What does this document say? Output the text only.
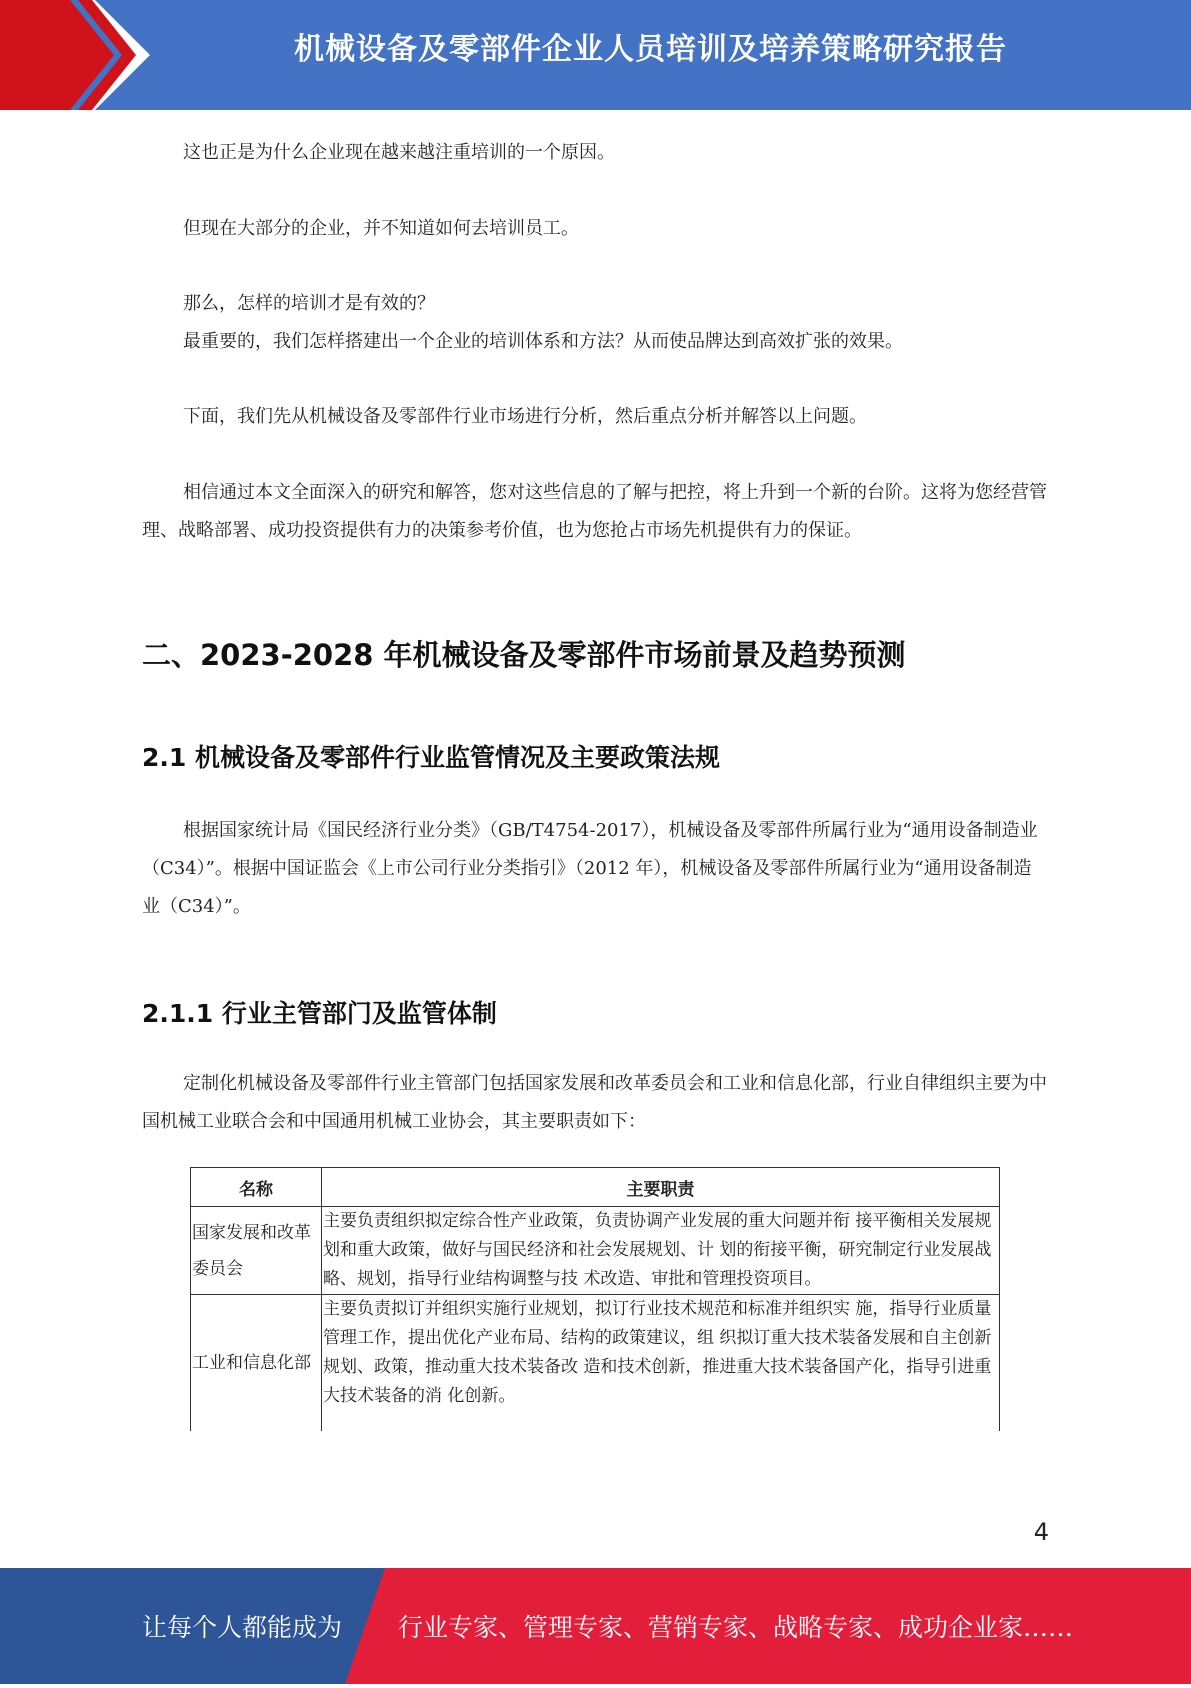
机械设备及零部件企业人员培训及培养策略研究报告

这也正是为什么企业现在越来越注重培训的一个原因。

但现在大部分的企业，并不知道如何去培训员工。

那么，怎样的培训才是有效的？

最重要的，我们怎样搭建出一个企业的培训体系和方法？从而使品牌达到高效扩张的效果。

下面，我们先从机械设备及零部件行业市场进行分析，然后重点分析并解答以上问题。

相信通过本文全面深入的研究和解答，您对这些信息的了解与把控，将上升到一个新的台阶。这将为您经营管理、战略部署、成功投资提供有力的决策参考价值，也为您抢占市场先机提供有力的保证。

二、2023-2028 年机械设备及零部件市场前景及趋势预测
2.1 机械设备及零部件行业监管情况及主要政策法规

根据国家统计局《国民经济行业分类》（GB/T4754-2017），机械设备及零部件所属行业为“通用设备制造业（C34）”。根据中国证监会《上市公司行业分类指引》（2012 年），机械设备及零部件所属行业为“通用设备制造业（C34）”。

2.1.1 行业主管部门及监管体制

定制化机械设备及零部件行业主管部门包括国家发展和改革委员会和工业和信息化部，行业自律组织主要为中国机械工业联合会和中国通用机械工业协会，其主要职责如下：

名称	主要职责
国家发展和改革委员会	主要负责组织拟定综合性产业政策，负责协调产业发展的重大问题并衔 接平衡相关发展规划和重大政策，做好与国民经济和社会发展规划、计 划的衔接平衡，研究制定行业发展战略、规划，指导行业结构调整与技 术改造、审批和管理投资项目。
工业和信息化部	主要负责拟订并组织实施行业规划，拟订行业技术规范和标准并组织实 施，指导行业质量管理工作，提出优化产业布局、结构的政策建议，组 织拟订重大技术装备发展和自主创新规划、政策，推动重大技术装备改 造和技术创新，推进重大技术装备国产化，指导引进重大技术装备的消 化创新。
4
让每个人都能成为 行业专家、管理专家、营销专家、战略专家、成功企业家……
